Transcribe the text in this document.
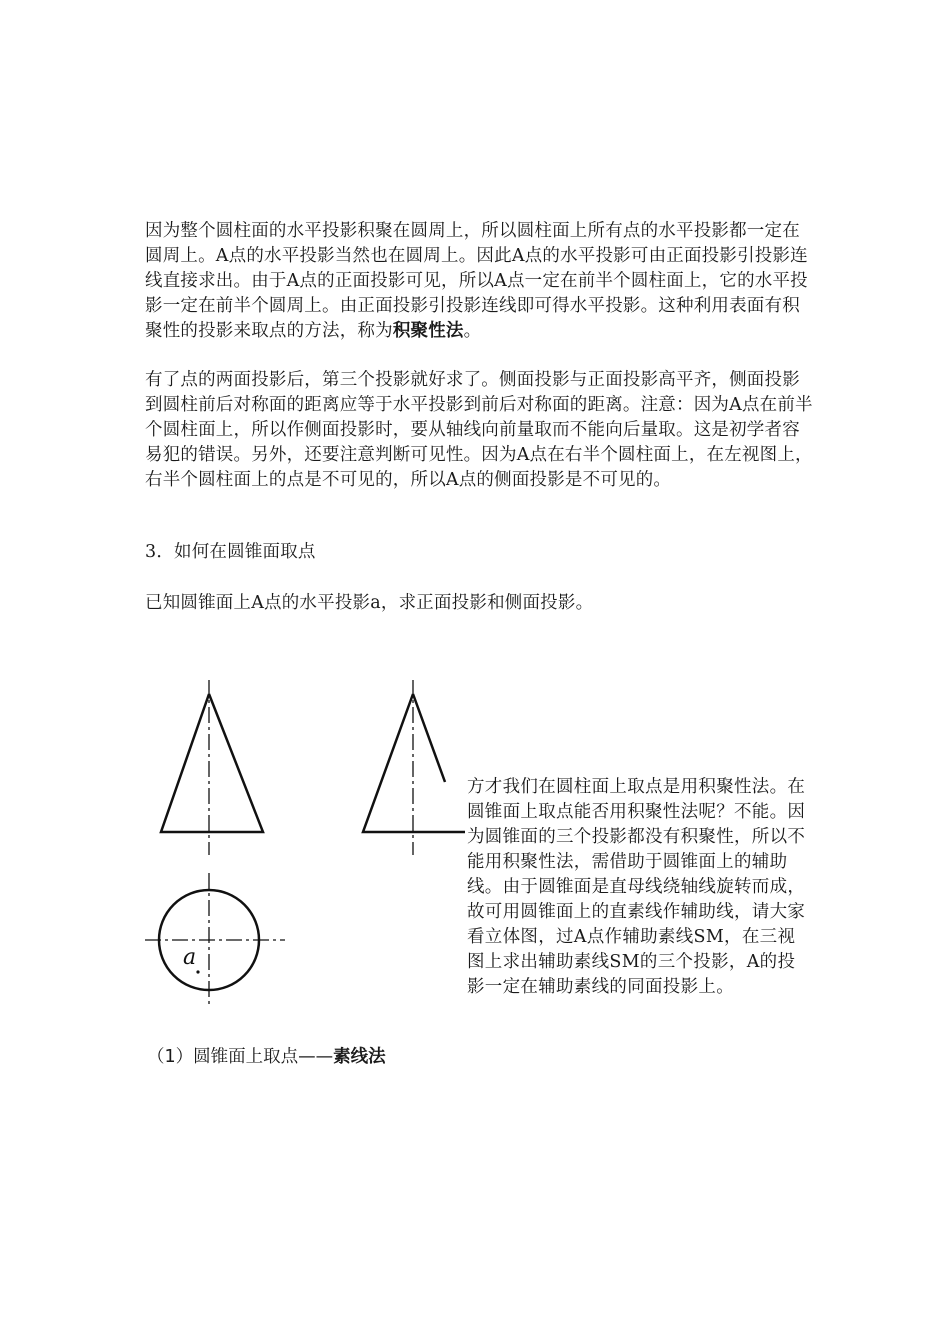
因为整个圆柱面的水平投影积聚在圆周上，所以圆柱面上所有点的水平投影都一定在圆周上。A点的水平投影当然也在圆周上。因此A点的水平投影可由正面投影引投影连线直接求出。由于A点的正面投影可见，所以A点一定在前半个圆柱面上，它的水平投影一定在前半个圆周上。由正面投影引投影连线即可得水平投影。这种利用表面有积聚性的投影来取点的方法，称为积聚性法。

有了点的两面投影后，第三个投影就好求了。侧面投影与正面投影高平齐，侧面投影到圆柱前后对称面的距离应等于水平投影到前后对称面的距离。注意：因为A点在前半个圆柱面上，所以作侧面投影时，要从轴线向前量取而不能向后量取。这是初学者容易犯的错误。另外，还要注意判断可见性。因为A点在右半个圆柱面上，在左视图上，右半个圆柱面上的点是不可见的，所以A点的侧面投影是不可见的。

3．如何在圆锥面取点

已知圆锥面上A点的水平投影a，求正面投影和侧面投影。

a

方才我们在圆柱面上取点是用积聚性法。在圆锥面上取点能否用积聚性法呢？不能。因为圆锥面的三个投影都没有积聚性，所以不能用积聚性法，需借助于圆锥面上的辅助线。由于圆锥面是直母线绕轴线旋转而成，故可用圆锥面上的直素线作辅助线，请大家看立体图，过A点作辅助素线SM，在三视图上求出辅助素线SM的三个投影，A的投影一定在辅助素线的同面投影上。

（1）圆锥面上取点——素线法
